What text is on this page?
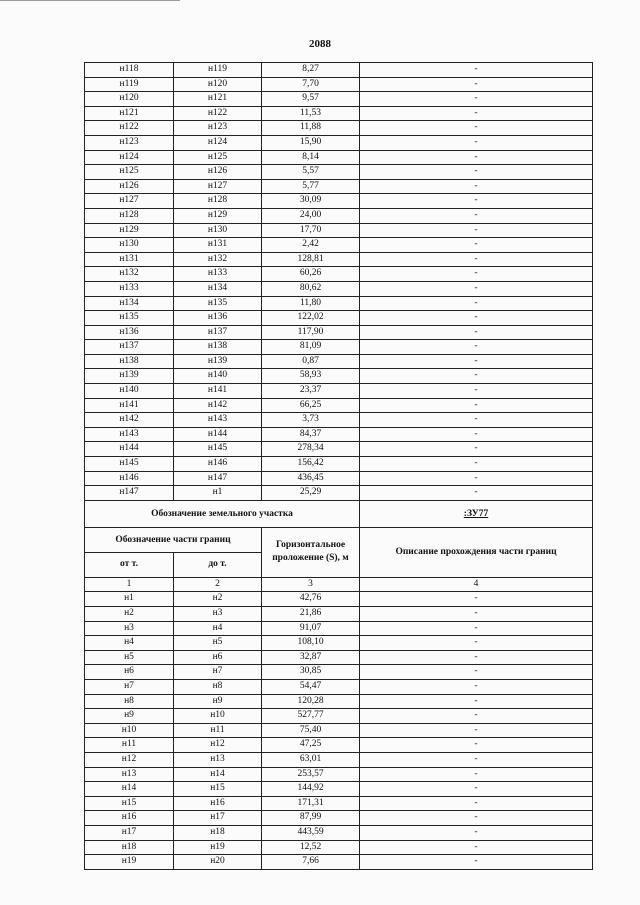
2088
н118	н119	8,27	-
н119	н120	7,70	-
н120	н121	9,57	-
н121	н122	11,53	-
н122	н123	11,88	-
н123	н124	15,90	-
н124	н125	8,14	-
н125	н126	5,57	-
н126	н127	5,77	-
н127	н128	30,09	-
н128	н129	24,00	-
н129	н130	17,70	-
н130	н131	2,42	-
н131	н132	128,81	-
н132	н133	60,26	-
н133	н134	80,62	-
н134	н135	11,80	-
н135	н136	122,02	-
н136	н137	117,90	-
н137	н138	81,09	-
н138	н139	0,87	-
н139	н140	58,93	-
н140	н141	23,37	-
н141	н142	66,25	-
н142	н143	3,73	-
н143	н144	84,37	-
н144	н145	278,34	-
н145	н146	156,42	-
н146	н147	436,45	-
н147	н1	25,29	-
Обозначение земельного участка			:ЗУ77
Обозначение части границ		Горизонтальное проложение (S), м	Описание прохождения части границ
от т.	до т.		
1	2	3	4
н1	н2	42,76	-
н2	н3	21,86	-
н3	н4	91,07	-
н4	н5	108,10	-
н5	н6	32,87	-
н6	н7	30,85	-
н7	н8	54,47	-
н8	н9	120,28	-
н9	н10	527,77	-
н10	н11	75,40	-
н11	н12	47,25	-
н12	н13	63,01	-
н13	н14	253,57	-
н14	н15	144,92	-
н15	н16	171,31	-
н16	н17	87,99	-
н17	н18	443,59	-
н18	н19	12,52	-
н19	н20	7,66	-
